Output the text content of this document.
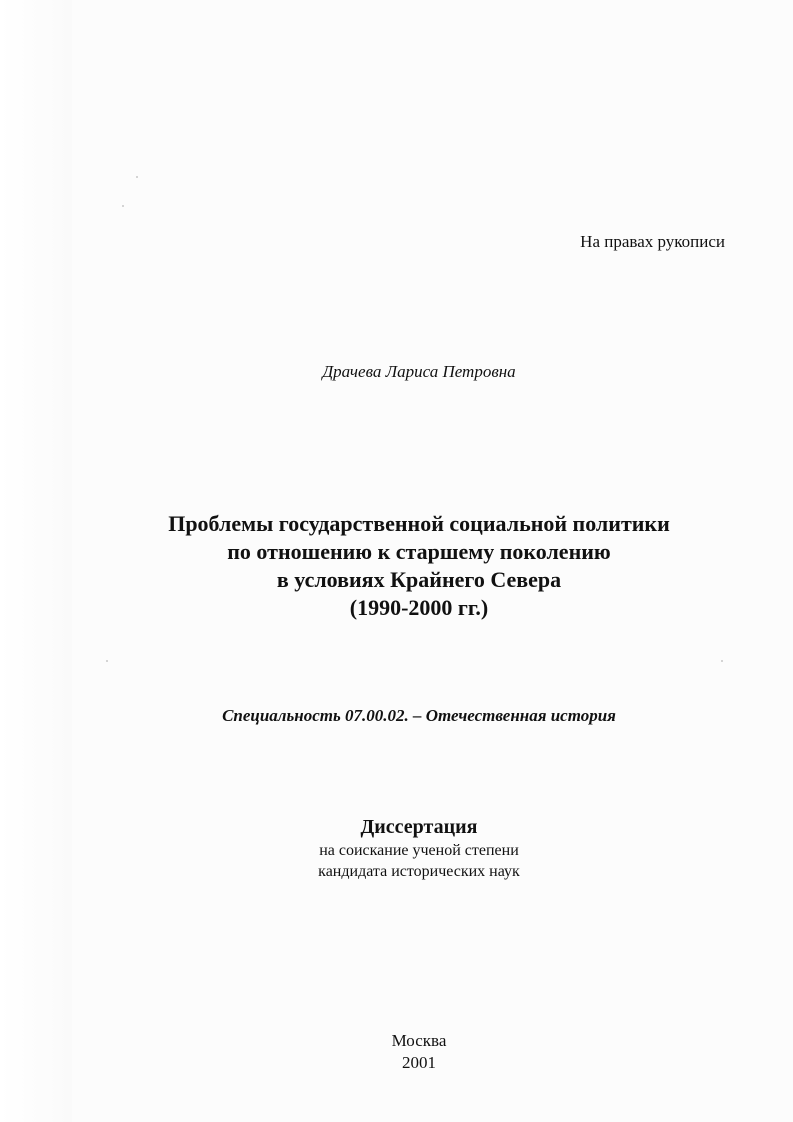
На правах рукописи
Драчева Лариса Петровна
Проблемы государственной социальной политики
по отношению к старшему поколению
в условиях Крайнего Севера
(1990-2000 гг.)
Специальность 07.00.02. – Отечественная история
Диссертация
на соискание ученой степени
кандидата исторических наук
Москва
2001
